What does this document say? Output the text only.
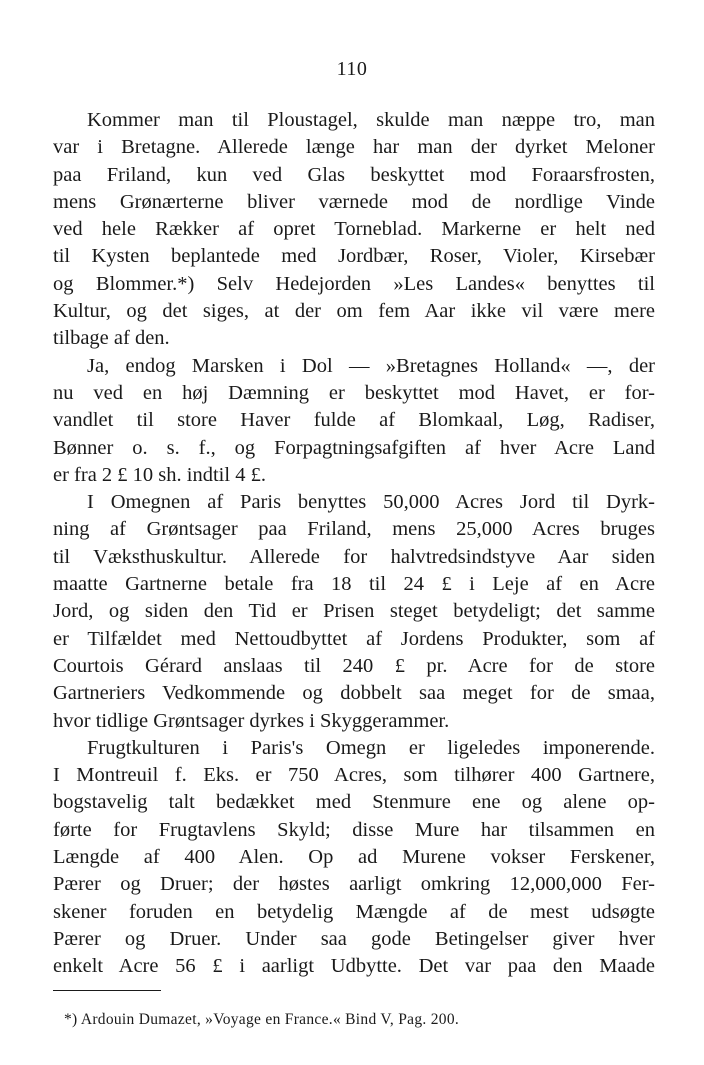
110
Kommer man til Ploustagel, skulde man næppe tro, man
var i Bretagne. Allerede længe har man der dyrket Meloner
paa Friland, kun ved Glas beskyttet mod Foraarsfrosten,
mens Grønærterne bliver værnede mod de nordlige Vinde
ved hele Rækker af opret Torneblad. Markerne er helt ned
til Kysten beplantede med Jordbær, Roser, Violer, Kirsebær
og Blommer.*) Selv Hedejorden »Les Landes« benyttes til
Kultur, og det siges, at der om fem Aar ikke vil være mere
tilbage af den.
Ja, endog Marsken i Dol — »Bretagnes Holland« —, der
nu ved en høj Dæmning er beskyttet mod Havet, er for-
vandlet til store Haver fulde af Blomkaal, Løg, Radiser,
Bønner o. s. f., og Forpagtningsafgiften af hver Acre Land
er fra 2 £ 10 sh. indtil 4 £.
I Omegnen af Paris benyttes 50,000 Acres Jord til Dyrk-
ning af Grøntsager paa Friland, mens 25,000 Acres bruges
til Væksthuskultur. Allerede for halvtredsindstyve Aar siden
maatte Gartnerne betale fra 18 til 24 £ i Leje af en Acre
Jord, og siden den Tid er Prisen steget betydeligt; det samme
er Tilfældet med Nettoudbyttet af Jordens Produkter, som af
Courtois Gérard anslaas til 240 £ pr. Acre for de store
Gartneriers Vedkommende og dobbelt saa meget for de smaa,
hvor tidlige Grøntsager dyrkes i Skyggerammer.
Frugtkulturen i Paris's Omegn er ligeledes imponerende.
I Montreuil f. Eks. er 750 Acres, som tilhører 400 Gartnere,
bogstavelig talt bedækket med Stenmure ene og alene op-
førte for Frugtavlens Skyld; disse Mure har tilsammen en
Længde af 400 Alen. Op ad Murene vokser Ferskener,
Pærer og Druer; der høstes aarligt omkring 12,000,000 Fer-
skener foruden en betydelig Mængde af de mest udsøgte
Pærer og Druer. Under saa gode Betingelser giver hver
enkelt Acre 56 £ i aarligt Udbytte. Det var paa den Maade
*) Ardouin Dumazet, »Voyage en France.« Bind V, Pag. 200.
